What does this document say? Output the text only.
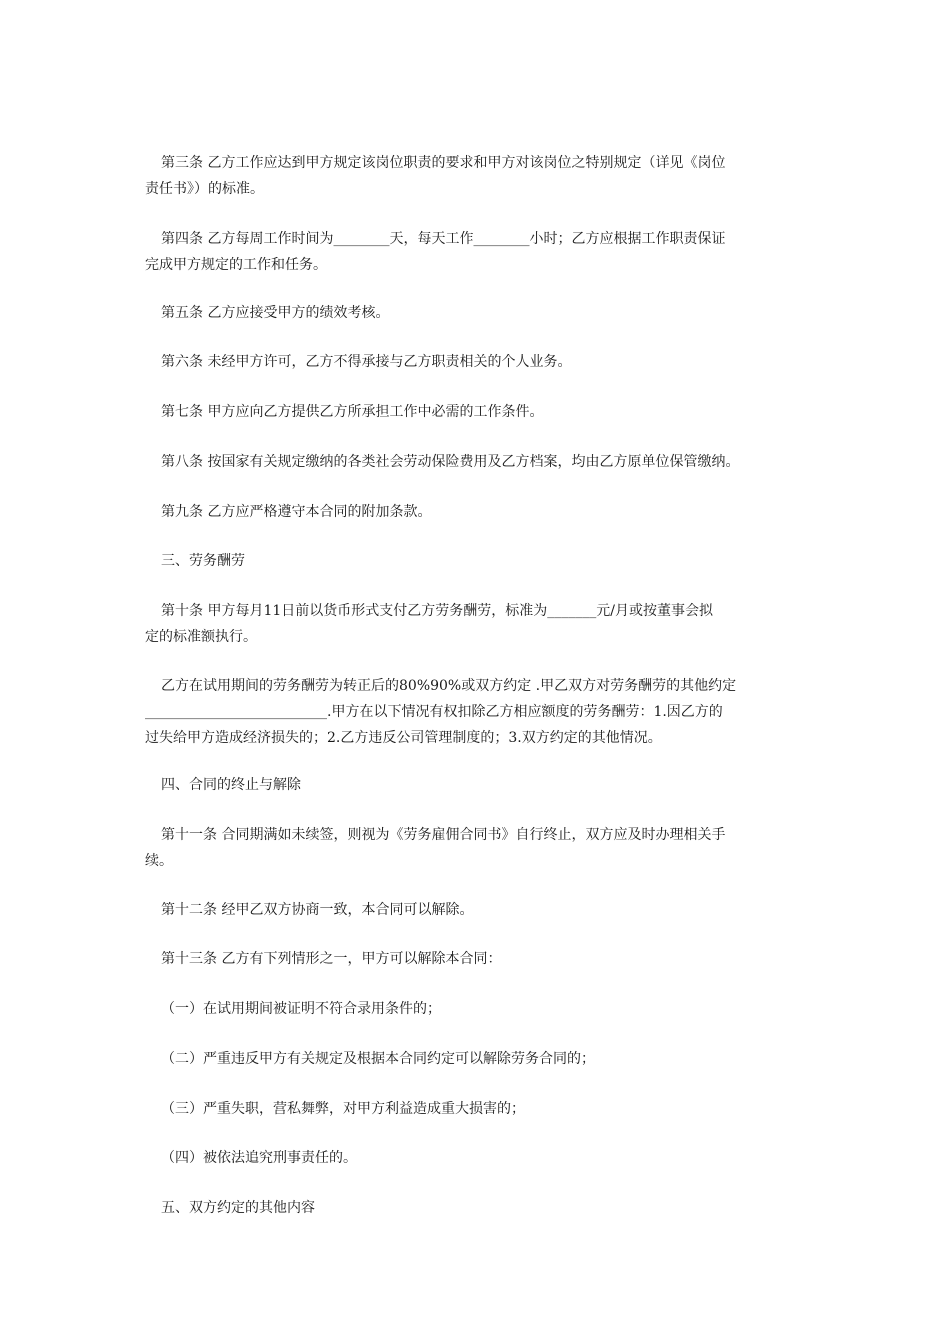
第三条 乙方工作应达到甲方规定该岗位职责的要求和甲方对该岗位之特别规定（详见《岗位
责任书》）的标准。
第四条 乙方每周工作时间为________天，每天工作________小时；乙方应根据工作职责保证
完成甲方规定的工作和任务。

第五条 乙方应接受甲方的绩效考核。

第六条 未经甲方许可，乙方不得承接与乙方职责相关的个人业务。

第七条 甲方应向乙方提供乙方所承担工作中必需的工作条件。

第八条 按国家有关规定缴纳的各类社会劳动保险费用及乙方档案，均由乙方原单位保管缴纳。

第九条 乙方应严格遵守本合同的附加条款。

三、劳务酬劳

第十条 甲方每月11日前以货币形式支付乙方劳务酬劳，标准为_______元/月或按董事会拟
定的标准额执行。
乙方在试用期间的劳务酬劳为转正后的80%90%或双方约定 .甲乙双方对劳务酬劳的其他约定
__________________________.甲方在以下情况有权扣除乙方相应额度的劳务酬劳：1.因乙方的
过失给甲方造成经济损失的；2.乙方违反公司管理制度的；3.双方约定的其他情况。

四、合同的终止与解除

第十一条 合同期满如未续签，则视为《劳务雇佣合同书》自行终止，双方应及时办理相关手
续。

第十二条 经甲乙双方协商一致，本合同可以解除。

第十三条 乙方有下列情形之一，甲方可以解除本合同：

（一）在试用期间被证明不符合录用条件的；

（二）严重违反甲方有关规定及根据本合同约定可以解除劳务合同的；

（三）严重失职，营私舞弊，对甲方利益造成重大损害的；

（四）被依法追究刑事责任的。

五、双方约定的其他内容
